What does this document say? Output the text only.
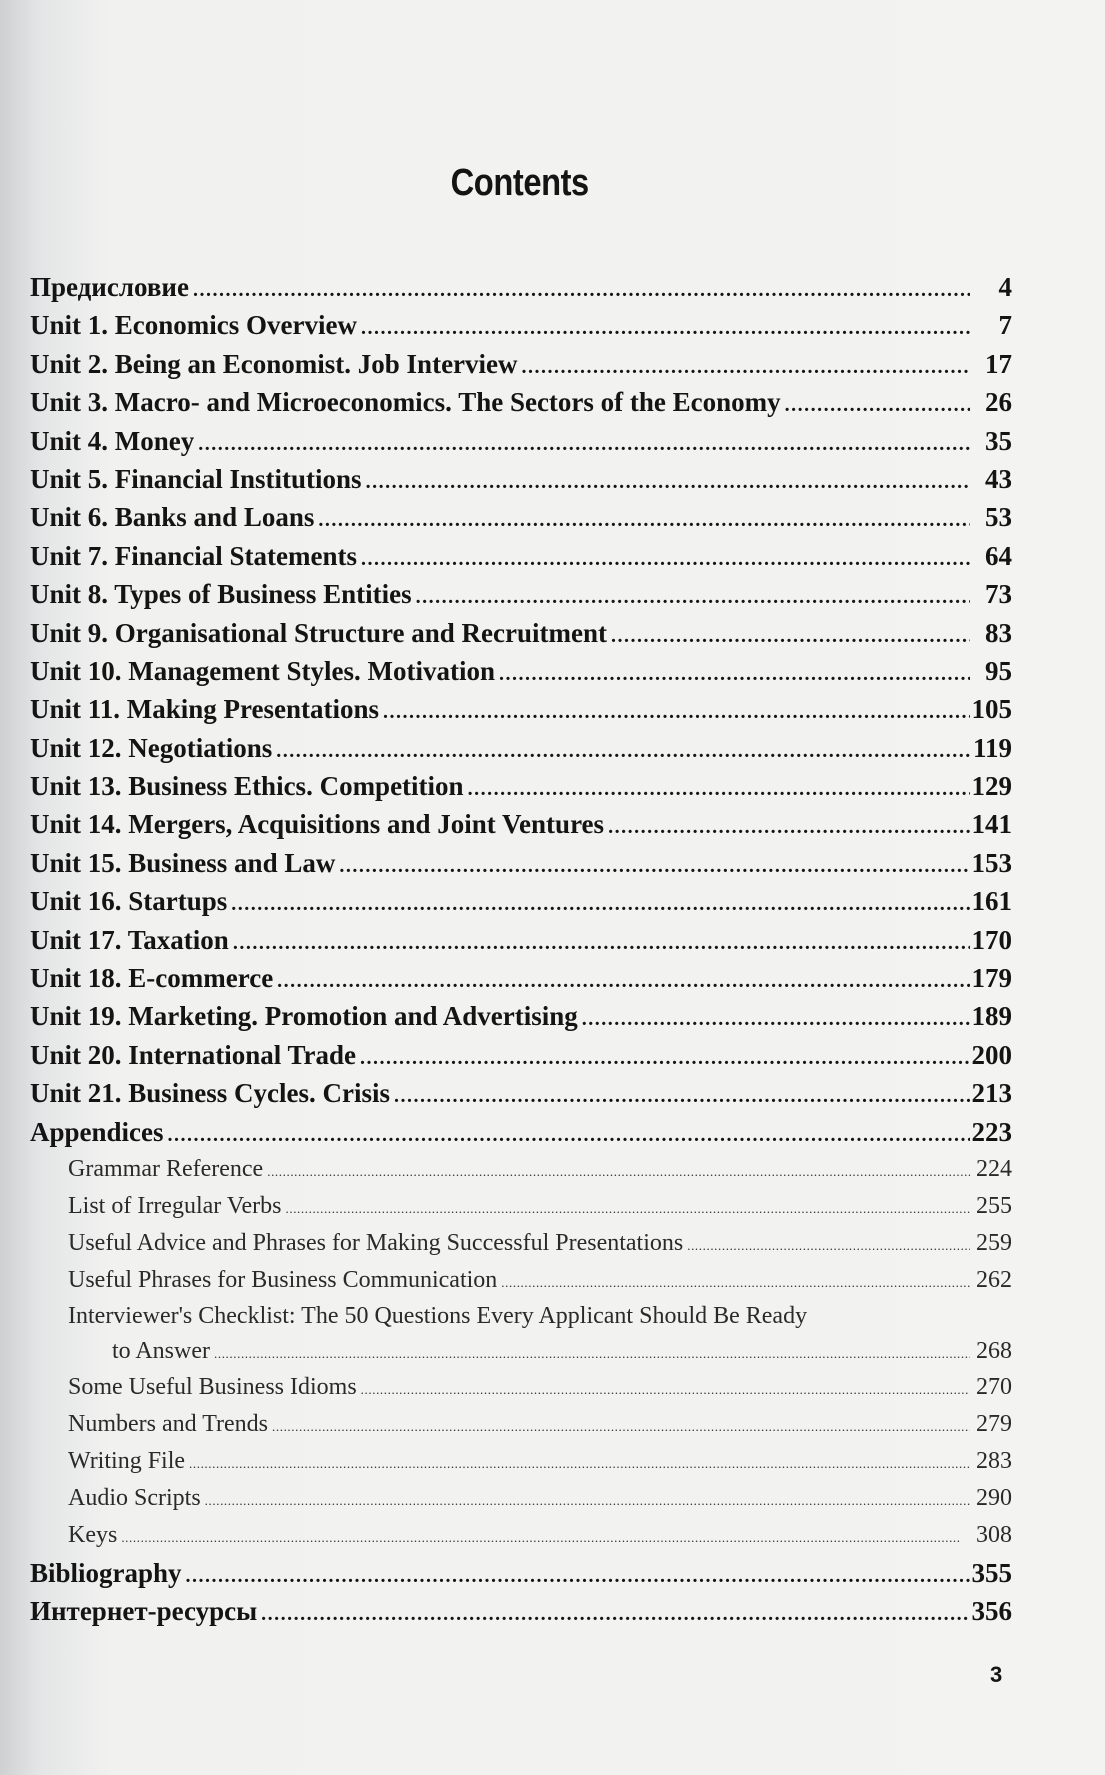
Contents
Предисловие .....	4
Unit 1. Economics Overview .....	7
Unit 2. Being an Economist. Job Interview .....	17
Unit 3. Macro- and Microeconomics. The Sectors of the Economy .....	26
Unit 4. Money .....	35
Unit 5. Financial Institutions .....	43
Unit 6. Banks and Loans .....	53
Unit 7. Financial Statements .....	64
Unit 8. Types of Business Entities .....	73
Unit 9. Organisational Structure and Recruitment .....	83
Unit 10. Management Styles. Motivation .....	95
Unit 11. Making Presentations .....	105
Unit 12. Negotiations .....	119
Unit 13. Business Ethics. Competition .....	129
Unit 14. Mergers, Acquisitions and Joint Ventures .....	141
Unit 15. Business and Law .....	153
Unit 16. Startups .....	161
Unit 17. Taxation .....	170
Unit 18. E-commerce .....	179
Unit 19. Marketing. Promotion and Advertising .....	189
Unit 20. International Trade .....	200
Unit 21. Business Cycles. Crisis .....	213
Appendices .....	223
Grammar Reference .....	224
List of Irregular Verbs .....	255
Useful Advice and Phrases for Making Successful Presentations .....	259
Useful Phrases for Business Communication .....	262
Interviewer's Checklist: The 50 Questions Every Applicant Should Be Ready
to Answer .....	268
Some Useful Business Idioms .....	270
Numbers and Trends .....	279
Writing File .....	283
Audio Scripts .....	290
Keys .....	308
Bibliography .....	355
Интернет-ресурсы .....	356
3
